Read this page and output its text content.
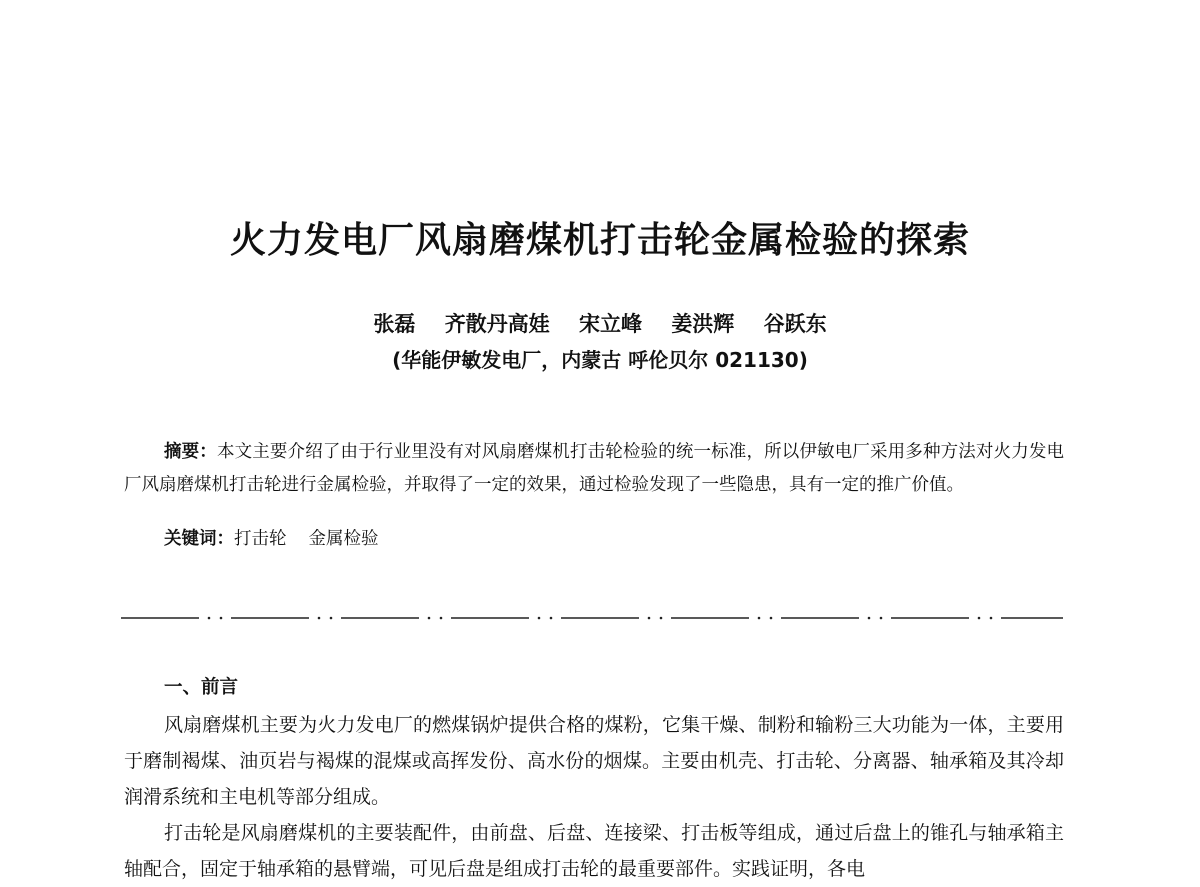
火力发电厂风扇磨煤机打击轮金属检验的探索
张磊 齐散丹高娃 宋立峰 姜洪辉 谷跃东
(华能伊敏发电厂，内蒙古 呼伦贝尔 021130)

摘要：本文主要介绍了由于行业里没有对风扇磨煤机打击轮检验的统一标准，所以伊敏电厂采用多种方法对火力发电厂风扇磨煤机打击轮进行金属检验，并取得了一定的效果，通过检验发现了一些隐患，具有一定的推广价值。

关键词：打击轮 金属检验
一、前言

风扇磨煤机主要为火力发电厂的燃煤锅炉提供合格的煤粉，它集干燥、制粉和输粉三大功能为一体，主要用于磨制褐煤、油页岩与褐煤的混煤或高挥发份、高水份的烟煤。主要由机壳、打击轮、分离器、轴承箱及其冷却润滑系统和主电机等部分组成。

打击轮是风扇磨煤机的主要装配件，由前盘、后盘、连接梁、打击板等组成，通过后盘上的锥孔与轴承箱主轴配合，固定于轴承箱的悬臂端，可见后盘是组成打击轮的最重要部件。实践证明，各电
